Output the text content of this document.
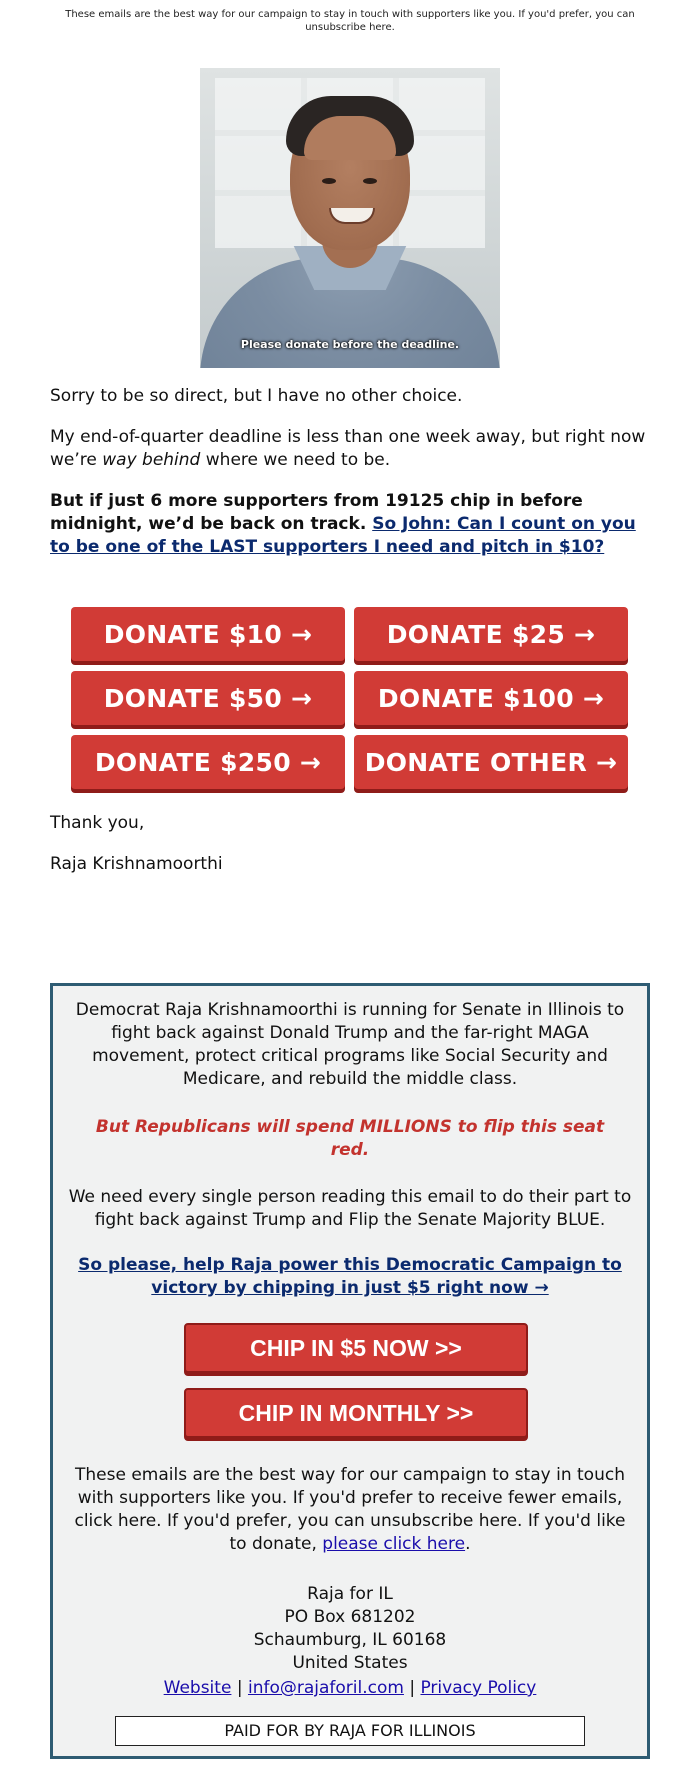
These emails are the best way for our campaign to stay in touch with supporters like you. If you'd prefer, you can unsubscribe here.
Please donate before the deadline.

Sorry to be so direct, but I have no other choice.

My end-of-quarter deadline is less than one week away, but right now we’re way behind where we need to be.

But if just 6 more supporters from 19125 chip in before midnight, we’d be back on track. So John: Can I count on you to be one of the LAST supporters I need and pitch in $10?

DONATE $10 →	DONATE $25 →
DONATE $50 →	DONATE $100 →
DONATE $250 →	DONATE OTHER →

Thank you,

Raja Krishnamoorthi

Democrat Raja Krishnamoorthi is running for Senate in Illinois to fight back against Donald Trump and the far-right MAGA movement, protect critical programs like Social Security and Medicare, and rebuild the middle class.

But Republicans will spend MILLIONS to flip this seat red.

We need every single person reading this email to do their part to fight back against Trump and Flip the Senate Majority BLUE.

So please, help Raja power this Democratic Campaign to victory by chipping in just $5 right now →

CHIP IN $5 NOW >>
CHIP IN MONTHLY >>

These emails are the best way for our campaign to stay in touch with supporters like you. If you'd prefer to receive fewer emails, click here. If you'd prefer, you can unsubscribe here. If you'd like to donate, please click here.

Raja for IL

PO Box 681202

Schaumburg, IL 60168

United States

Website | info@rajaforil.com | Privacy Policy

PAID FOR BY RAJA FOR ILLINOIS
